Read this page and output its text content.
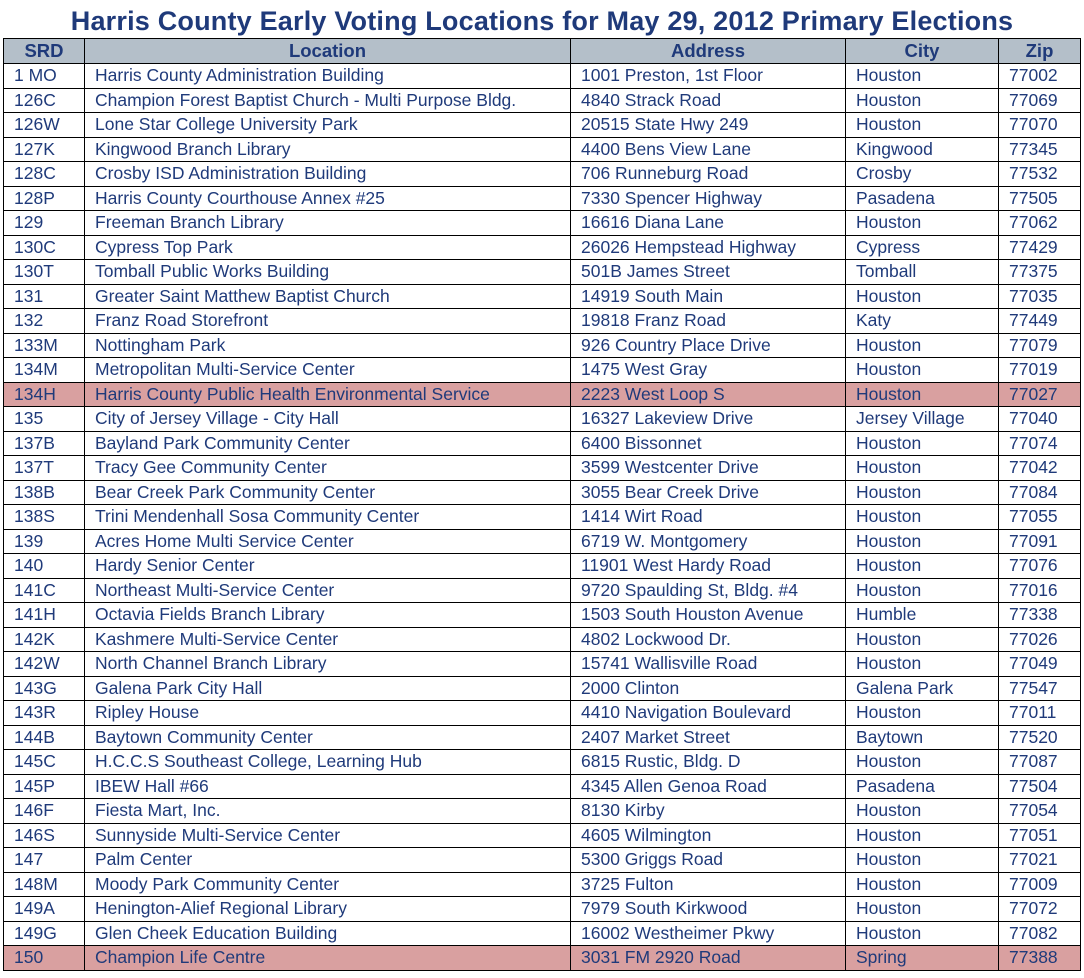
Harris County Early Voting Locations for May 29, 2012 Primary Elections
SRD	Location	Address	City	Zip
1 MO	Harris County Administration Building	1001 Preston, 1st Floor	Houston	77002
126C	Champion Forest Baptist Church - Multi Purpose Bldg.	4840 Strack Road	Houston	77069
126W	Lone Star College University Park	20515 State Hwy 249	Houston	77070
127K	Kingwood Branch Library	4400 Bens View Lane	Kingwood	77345
128C	Crosby ISD Administration Building	706 Runneburg Road	Crosby	77532
128P	Harris County Courthouse Annex #25	7330 Spencer Highway	Pasadena	77505
129	Freeman Branch Library	16616 Diana Lane	Houston	77062
130C	Cypress Top Park	26026 Hempstead Highway	Cypress	77429
130T	Tomball Public Works Building	501B James Street	Tomball	77375
131	Greater Saint Matthew Baptist Church	14919 South Main	Houston	77035
132	Franz Road Storefront	19818 Franz Road	Katy	77449
133M	Nottingham Park	926 Country Place Drive	Houston	77079
134M	Metropolitan Multi-Service Center	1475 West Gray	Houston	77019
134H	Harris County Public Health Environmental Service	2223 West Loop S	Houston	77027
135	City of Jersey Village - City Hall	16327 Lakeview Drive	Jersey Village	77040
137B	Bayland Park Community Center	6400 Bissonnet	Houston	77074
137T	Tracy Gee Community Center	3599 Westcenter Drive	Houston	77042
138B	Bear Creek Park Community Center	3055 Bear Creek Drive	Houston	77084
138S	Trini Mendenhall Sosa Community Center	1414 Wirt Road	Houston	77055
139	Acres Home Multi Service Center	6719 W. Montgomery	Houston	77091
140	Hardy Senior Center	11901 West Hardy Road	Houston	77076
141C	Northeast Multi-Service Center	9720 Spaulding St, Bldg. #4	Houston	77016
141H	Octavia Fields Branch Library	1503 South Houston Avenue	Humble	77338
142K	Kashmere Multi-Service Center	4802 Lockwood Dr.	Houston	77026
142W	North Channel Branch Library	15741 Wallisville Road	Houston	77049
143G	Galena Park City Hall	2000 Clinton	Galena Park	77547
143R	Ripley House	4410 Navigation Boulevard	Houston	77011
144B	Baytown Community Center	2407 Market Street	Baytown	77520
145C	H.C.C.S Southeast College, Learning Hub	6815 Rustic, Bldg. D	Houston	77087
145P	IBEW Hall #66	4345 Allen Genoa Road	Pasadena	77504
146F	Fiesta Mart, Inc.	8130 Kirby	Houston	77054
146S	Sunnyside Multi-Service Center	4605 Wilmington	Houston	77051
147	Palm Center	5300 Griggs Road	Houston	77021
148M	Moody Park Community Center	3725 Fulton	Houston	77009
149A	Henington-Alief Regional Library	7979 South Kirkwood	Houston	77072
149G	Glen Cheek Education Building	16002 Westheimer Pkwy	Houston	77082
150	Champion Life Centre	3031 FM 2920 Road	Spring	77388
